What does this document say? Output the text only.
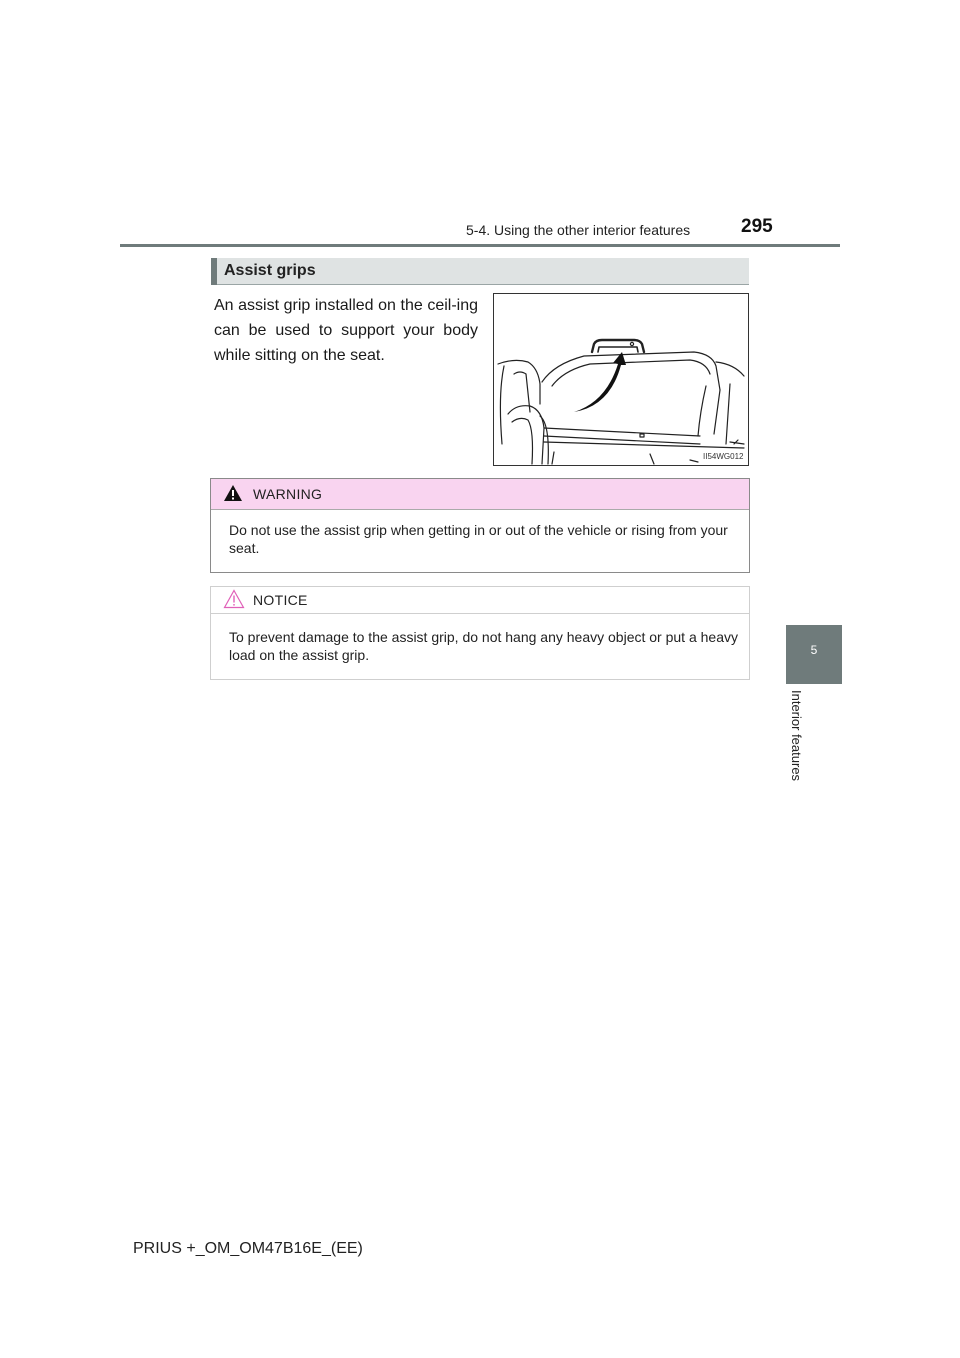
5-4. Using the other interior features	295
5
Interior features
Assist grips
An assist grip installed on the ceil-ing can be used to support your body while sitting on the seat.
II54WG012
WARNING
Do not use the assist grip when getting in or out of the vehicle or rising from your seat.
NOTICE
To prevent damage to the assist grip, do not hang any heavy object or put a heavy load on the assist grip.
PRIUS +_OM_OM47B16E_(EE)
